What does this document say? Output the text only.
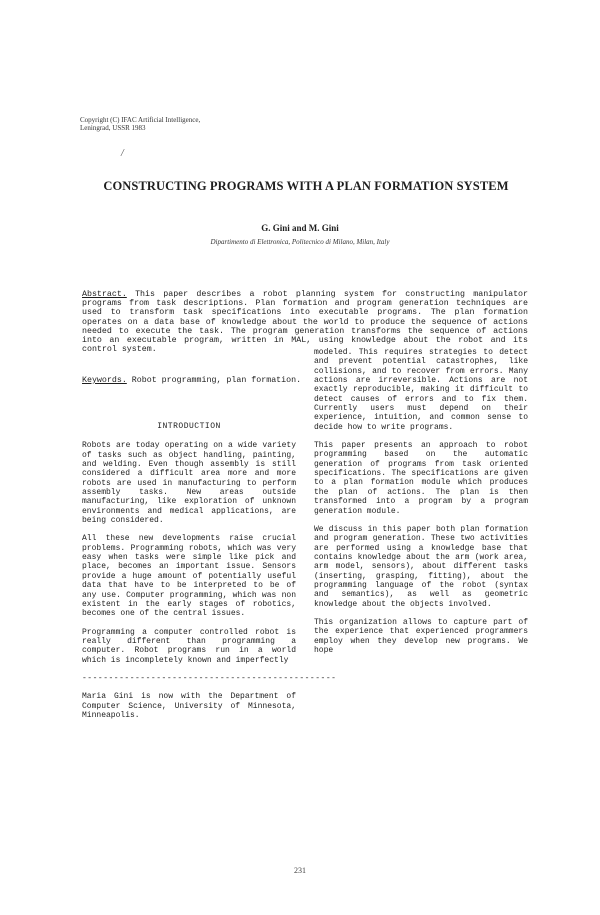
Copyright (C) IFAC Artificial Intelligence,
Leningrad, USSR 1983
/
CONSTRUCTING PROGRAMS WITH A PLAN FORMATION SYSTEM
G. Gini and M. Gini
Dipartimento di Elettronica, Politecnico di Milano, Milan, Italy
Abstract. This paper describes a robot planning system for constructing manipulator programs from task descriptions. Plan formation and program generation techniques are used to transform task specifications into executable programs. The plan formation operates on a data base of knowledge about the world to produce the sequence of actions needed to execute the task. The program generation transforms the sequence of actions into an executable program, written in MAL, using knowledge about the robot and its control system.
Keywords. Robot programming, plan formation.
INTRODUCTION

Robots are today operating on a wide variety of tasks such as object handling, painting, and welding. Even though assembly is still considered a difficult area more and more robots are used in manufacturing to perform assembly tasks. New areas outside manufacturing, like exploration of unknown environments and medical applications, are being considered.

All these new developments raise crucial problems. Programming robots, which was very easy when tasks were simple like pick and place, becomes an important issue. Sensors provide a huge amount of potentially useful data that have to be interpreted to be of any use. Computer programming, which was non existent in the early stages of robotics, becomes one of the central issues.

Programming a computer controlled robot is really different than programming a computer. Robot programs run in a world which is incompletely known and imperfectly

------------------------------------------------

Maria Gini is now with the Department of Computer Science, University of Minnesota, Minneapolis.

modeled. This requires strategies to detect and prevent potential catastrophes, like collisions, and to recover from errors. Many actions are irreversible. Actions are not exactly reproducible, making it difficult to detect causes of errors and to fix them. Currently users must depend on their experience, intuition, and common sense to decide how to write programs.

This paper presents an approach to robot programming based on the automatic generation of programs from task oriented specifications. The specifications are given to a plan formation module which produces the plan of actions. The plan is then transformed into a program by a program generation module.

We discuss in this paper both plan formation and program generation. These two activities are performed using a knowledge base that contains knowledge about the arm (work area, arm model, sensors), about different tasks (inserting, grasping, fitting), about the programming language of the robot (syntax and semantics), as well as geometric knowledge about the objects involved.

This organization allows to capture part of the experience that experienced programmers employ when they develop new programs. We hope

231
